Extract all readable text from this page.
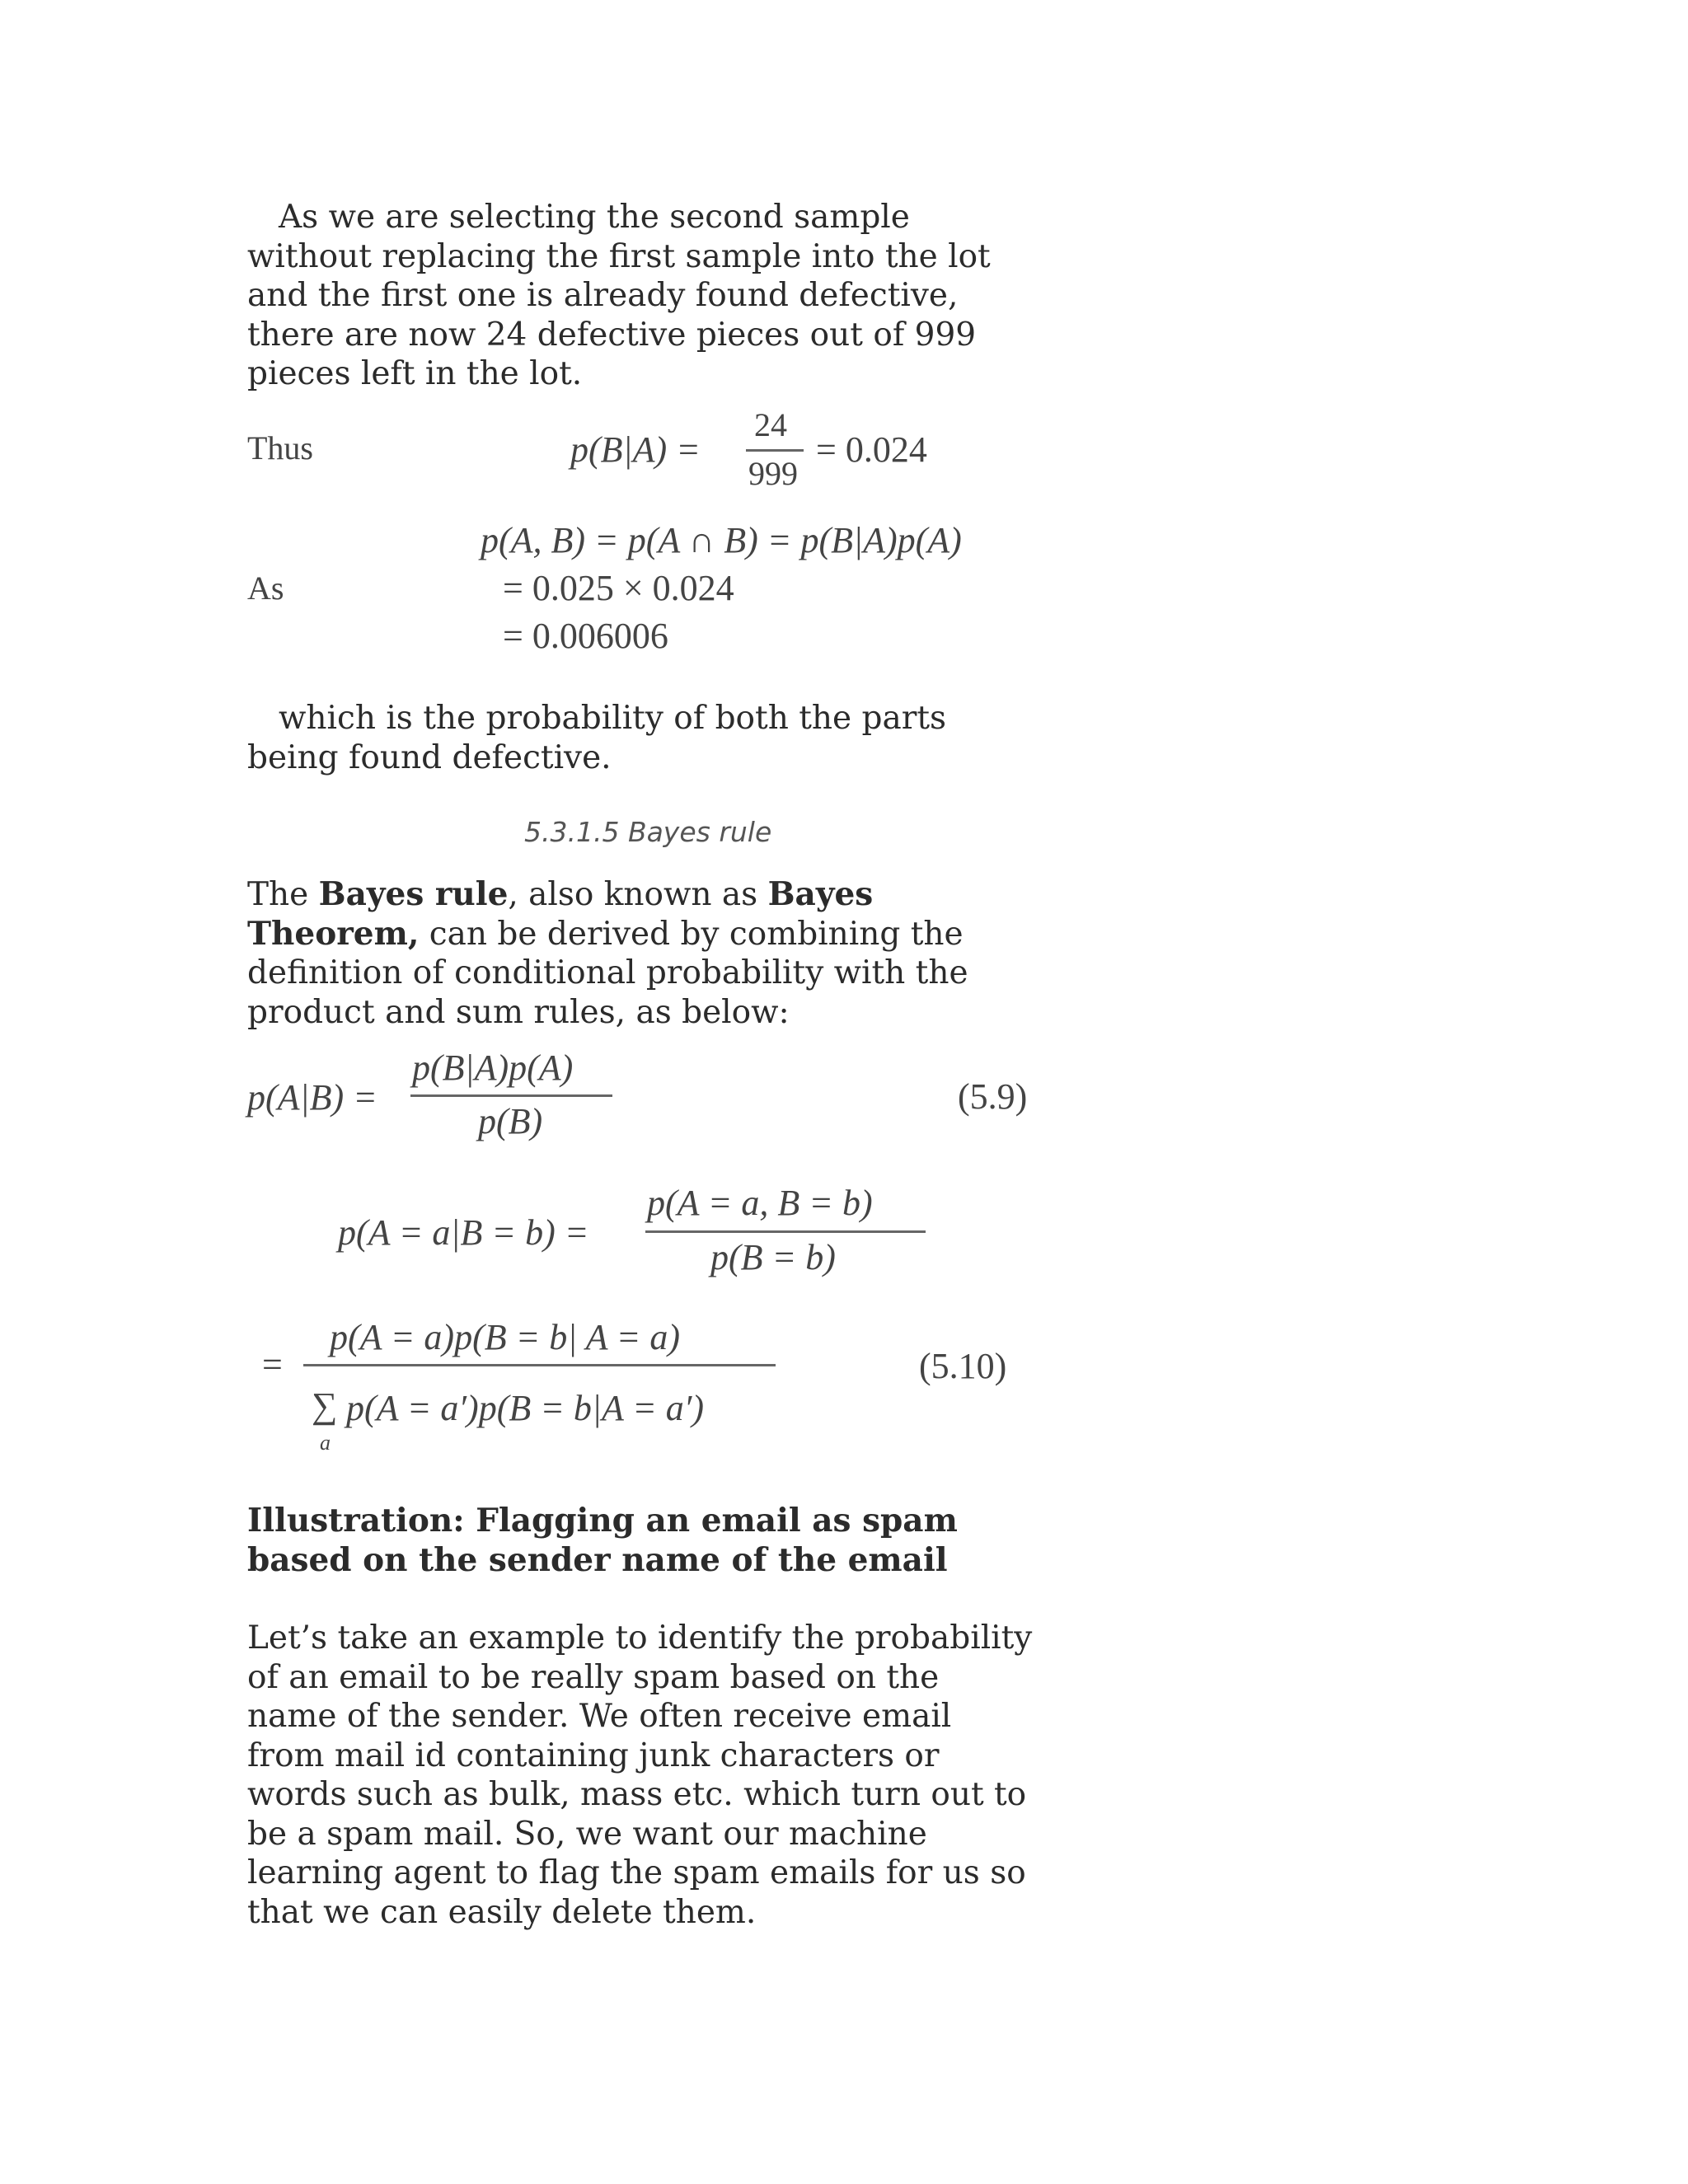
As we are selecting the second sample without replacing the first sample into the lot and the first one is already found defective, there are now 24 defective pieces out of 999 pieces left in the lot.

Thus	p(B|A) =
24
999
= 0.024
As
p(A, B) = p(A ∩ B) = p(B|A)p(A)
= 0.025 × 0.024
= 0.006006

which is the probability of both the parts being found defective.

5.3.1.5 Bayes rule

The Bayes rule, also known as Bayes Theorem, can be derived by combining the definition of conditional probability with the product and sum rules, as below:

p(A|B) =
p(B|A)p(A)
p(B)
(5.9)
p(A = a|B = b) =
p(A = a, B = b)
p(B = b)
=
p(A = a)p(B = b| A = a)
∑ p(A = a′)p(B = b|A = a′)
a
(5.10)

Illustration: Flagging an email as spam based on the sender name of the email

Let’s take an example to identify the probability of an email to be really spam based on the name of the sender. We often receive email from mail id containing junk characters or words such as bulk, mass etc. which turn out to be a spam mail. So, we want our machine learning agent to flag the spam emails for us so that we can easily delete them.
